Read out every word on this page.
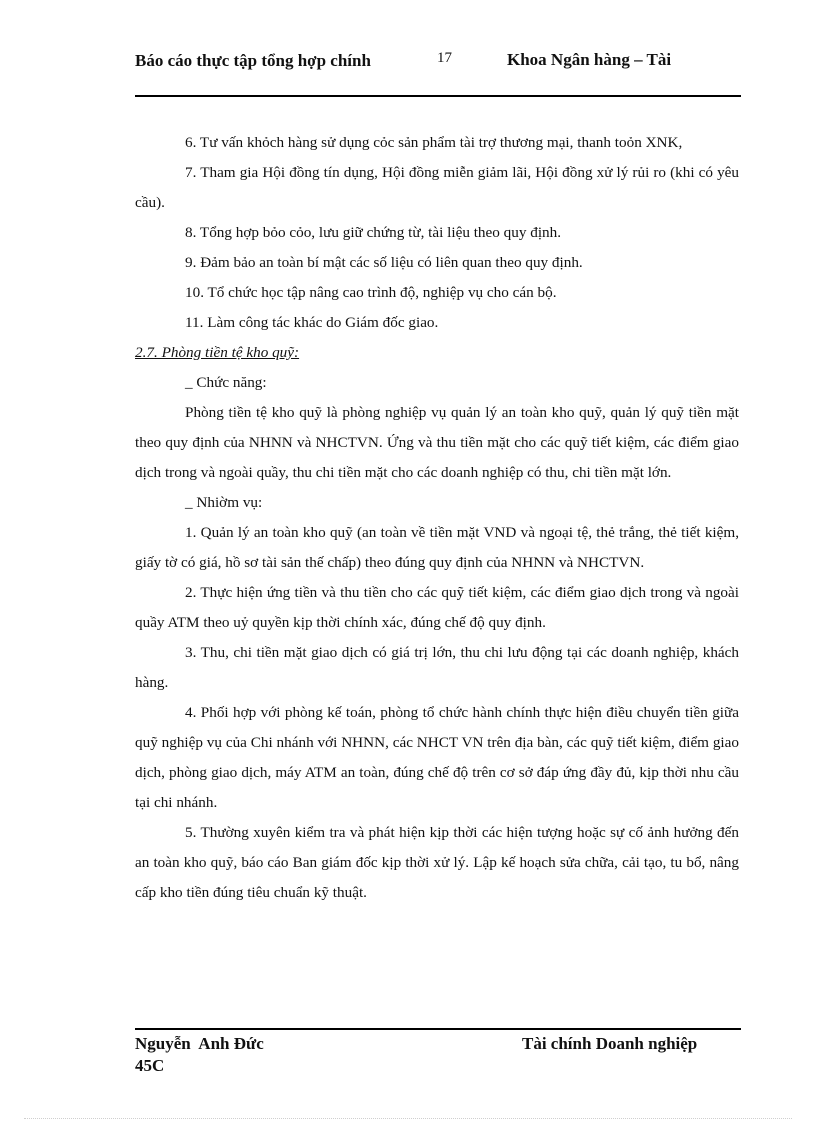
Báo cáo thực tập tổng hợp chính	17	Khoa Ngân hàng – Tài

6. Tư vấn khỏch hàng sử dụng cỏc sản phẩm tài trợ thương mại, thanh toỏn XNK,

7. Tham gia Hội đồng tín dụng, Hội đồng miễn giảm lãi, Hội đồng xử lý rủi ro (khi có yêu cầu).

8. Tổng hợp bỏo cỏo, lưu giữ chứng từ, tài liệu theo quy định.

9. Đảm bảo an toàn bí mật các số liệu có liên quan theo quy định.

10. Tổ chức học tập nâng cao trình độ, nghiệp vụ cho cán bộ.

11. Làm công tác khác do Giám đốc giao.

2.7. Phòng tiền tệ kho quỹ:

_ Chức năng:

Phòng tiền tệ kho quỹ là phòng nghiệp vụ quản lý an toàn kho quỹ, quản lý quỹ tiền mặt theo quy định của NHNN và NHCTVN. Ứng và thu tiền mặt cho các quỹ tiết kiệm, các điểm giao dịch trong và ngoài quầy, thu chi tiền mặt cho các doanh nghiệp có thu, chi tiền mặt lớn.

_ Nhiờm vụ:

1. Quản lý an toàn kho quỹ (an toàn về tiền mặt VND và ngoại tệ, thẻ trắng, thẻ tiết kiệm, giấy tờ có giá, hồ sơ tài sản thế chấp) theo đúng quy định của NHNN và NHCTVN.

2. Thực hiện ứng tiền và thu tiền cho các quỹ tiết kiệm, các điểm giao dịch trong và ngoài quầy ATM theo uỷ quyền kịp thời chính xác, đúng chế độ quy định.

3. Thu, chi tiền mặt giao dịch có giá trị lớn, thu chi lưu động tại các doanh nghiệp, khách hàng.

4. Phối hợp với phòng kế toán, phòng tổ chức hành chính thực hiện điều chuyển tiền giữa quỹ nghiệp vụ của Chi nhánh với NHNN, các NHCT VN trên địa bàn, các quỹ tiết kiệm, điểm giao dịch, phòng giao dịch, máy ATM an toàn, đúng chế độ trên cơ sở đáp ứng đầy đủ, kịp thời nhu cầu tại chi nhánh.

5. Thường xuyên kiểm tra và phát hiện kịp thời các hiện tượng hoặc sự cố ảnh hưởng đến an toàn kho quỹ, báo cáo Ban giám đốc kịp thời xử lý. Lập kế hoạch sửa chữa, cải tạo, tu bổ, nâng cấp kho tiền đúng tiêu chuẩn kỹ thuật.

Nguyễn  Anh Đức
45C
Tài chính Doanh nghiệp
